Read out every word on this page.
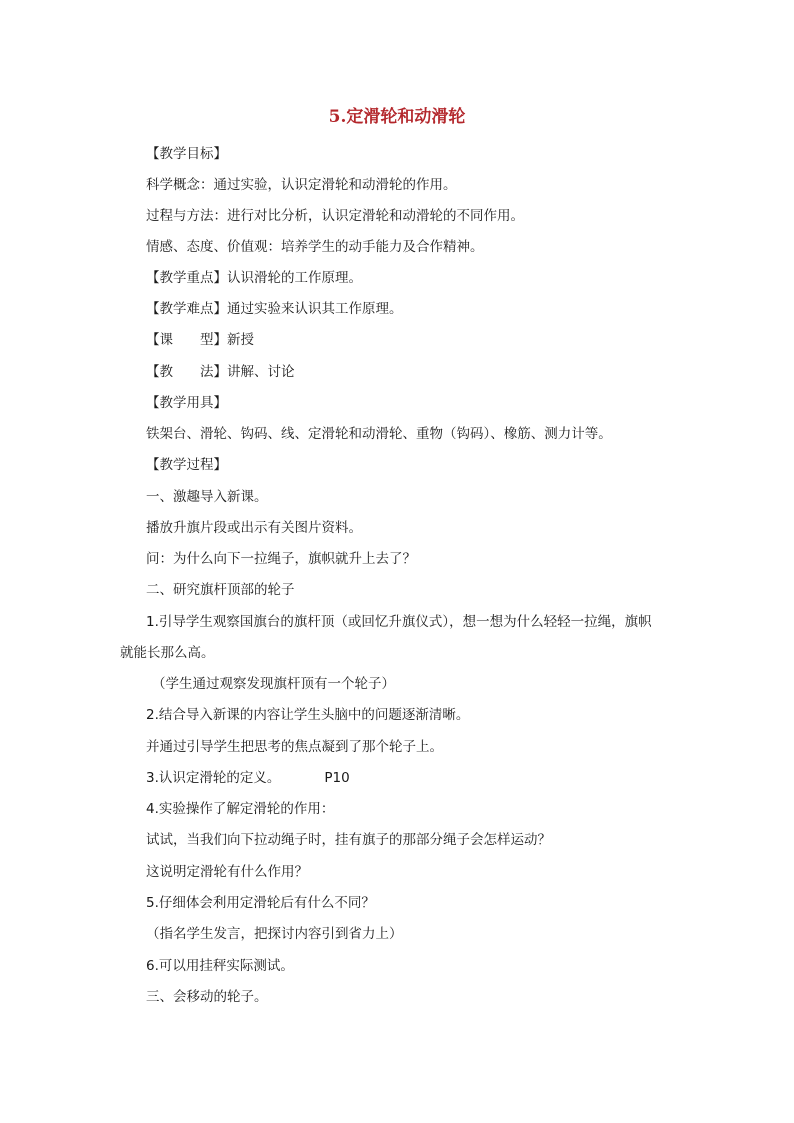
5.定滑轮和动滑轮
【教学目标】
科学概念：通过实验，认识定滑轮和动滑轮的作用。
过程与方法：进行对比分析，认识定滑轮和动滑轮的不同作用。
情感、态度、价值观：培养学生的动手能力及合作精神。
【教学重点】认识滑轮的工作原理。
【教学难点】通过实验来认识其工作原理。
【课　　型】新授
【教　　法】讲解、讨论
【教学用具】
铁架台、滑轮、钩码、线、定滑轮和动滑轮、重物（钩码）、橡筋、测力计等。
【教学过程】
一、激趣导入新课。
播放升旗片段或出示有关图片资料。
问：为什么向下一拉绳子，旗帜就升上去了？
二、研究旗杆顶部的轮子
1.引导学生观察国旗台的旗杆顶（或回忆升旗仪式），想一想为什么轻轻一拉绳，旗帜
就能长那么高。
（学生通过观察发现旗杆顶有一个轮子）
2.结合导入新课的内容让学生头脑中的问题逐渐清晰。
并通过引导学生把思考的焦点凝到了那个轮子上。
3.认识定滑轮的定义。	P10
4.实验操作了解定滑轮的作用：
试试，当我们向下拉动绳子时，挂有旗子的那部分绳子会怎样运动？
这说明定滑轮有什么作用？
5.仔细体会利用定滑轮后有什么不同？
（指名学生发言，把探讨内容引到省力上）
6.可以用挂秤实际测试。
三、会移动的轮子。
